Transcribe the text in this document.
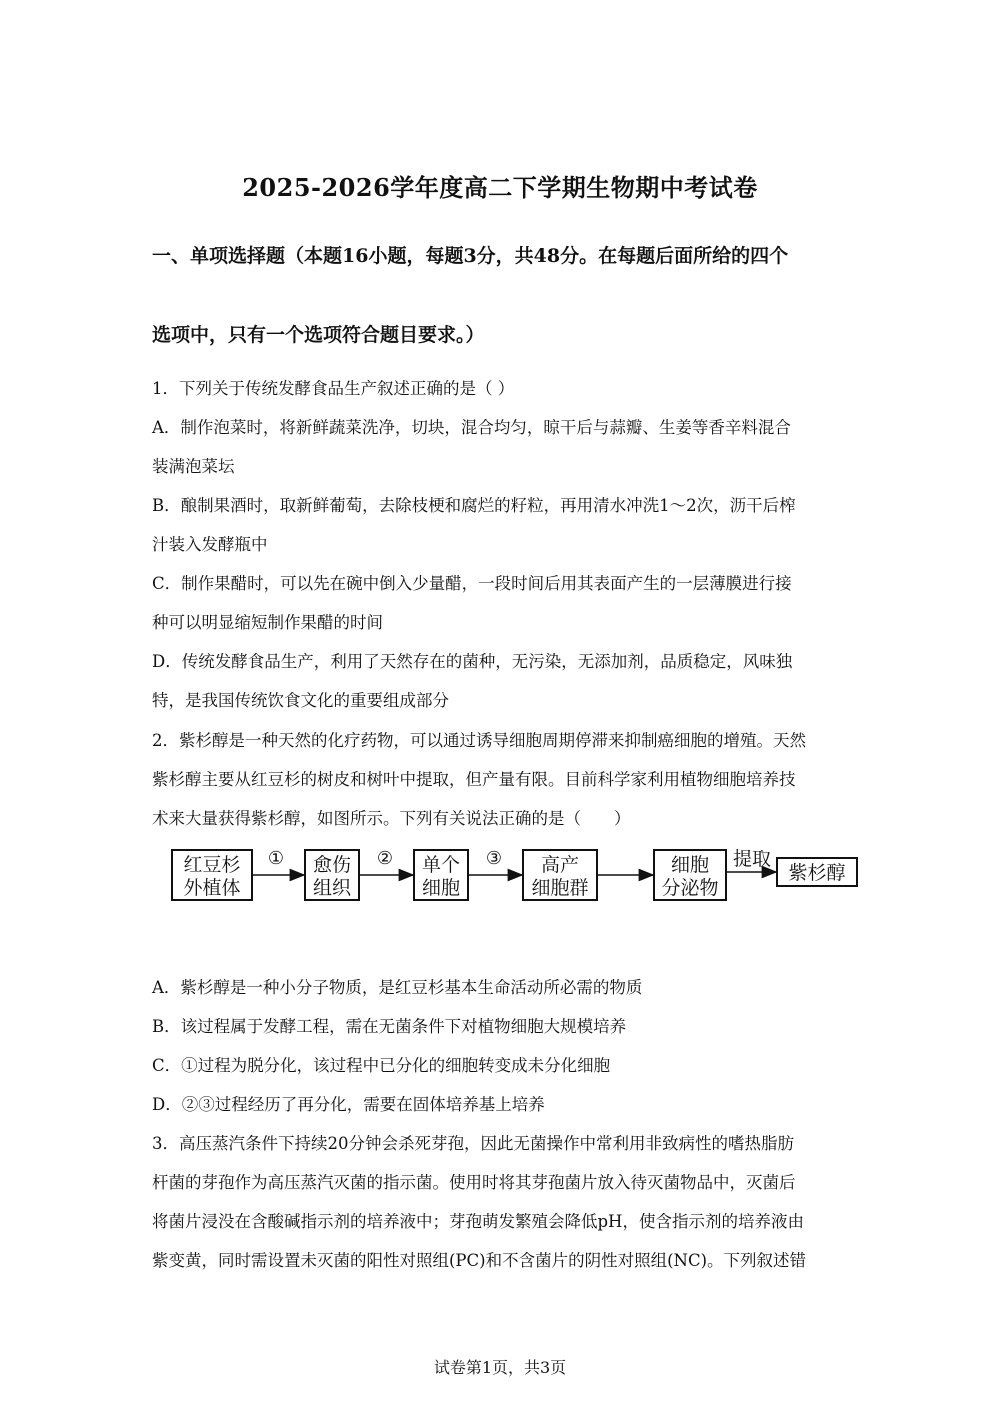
2025-2026学年度高二下学期生物期中考试卷
一、单项选择题（本题16小题，每题3分，共48分。在每题后面所给的四个
选项中，只有一个选项符合题目要求。）
1．下列关于传统发酵食品生产叙述正确的是（ ）
A．制作泡菜时，将新鲜蔬菜洗净，切块，混合均匀，晾干后与蒜瓣、生姜等香辛料混合
装满泡菜坛
B．酿制果酒时，取新鲜葡萄，去除枝梗和腐烂的籽粒，再用清水冲洗1～2次，沥干后榨
汁装入发酵瓶中
C．制作果醋时，可以先在碗中倒入少量醋，一段时间后用其表面产生的一层薄膜进行接
种可以明显缩短制作果醋的时间
D．传统发酵食品生产，利用了天然存在的菌种，无污染，无添加剂，品质稳定，风味独
特，是我国传统饮食文化的重要组成部分
2．紫杉醇是一种天然的化疗药物，可以通过诱导细胞周期停滞来抑制癌细胞的增殖。天然
紫杉醇主要从红豆杉的树皮和树叶中提取，但产量有限。目前科学家利用植物细胞培养技
术来大量获得紫杉醇，如图所示。下列有关说法正确的是（　　）
红豆杉
外植体
① 愈伤
组织
② 单个
细胞
③ 高产
细胞群
细胞
分泌物
提取
紫杉醇
A．紫杉醇是一种小分子物质，是红豆杉基本生命活动所必需的物质
B．该过程属于发酵工程，需在无菌条件下对植物细胞大规模培养
C．①过程为脱分化，该过程中已分化的细胞转变成未分化细胞
D．②③过程经历了再分化，需要在固体培养基上培养
3．高压蒸汽条件下持续20分钟会杀死芽孢，因此无菌操作中常利用非致病性的嗜热脂肪
杆菌的芽孢作为高压蒸汽灭菌的指示菌。使用时将其芽孢菌片放入待灭菌物品中，灭菌后
将菌片浸没在含酸碱指示剂的培养液中；芽孢萌发繁殖会降低pH，使含指示剂的培养液由
紫变黄，同时需设置未灭菌的阳性对照组(PC)和不含菌片的阴性对照组(NC)。下列叙述错
试卷第1页，共3页
